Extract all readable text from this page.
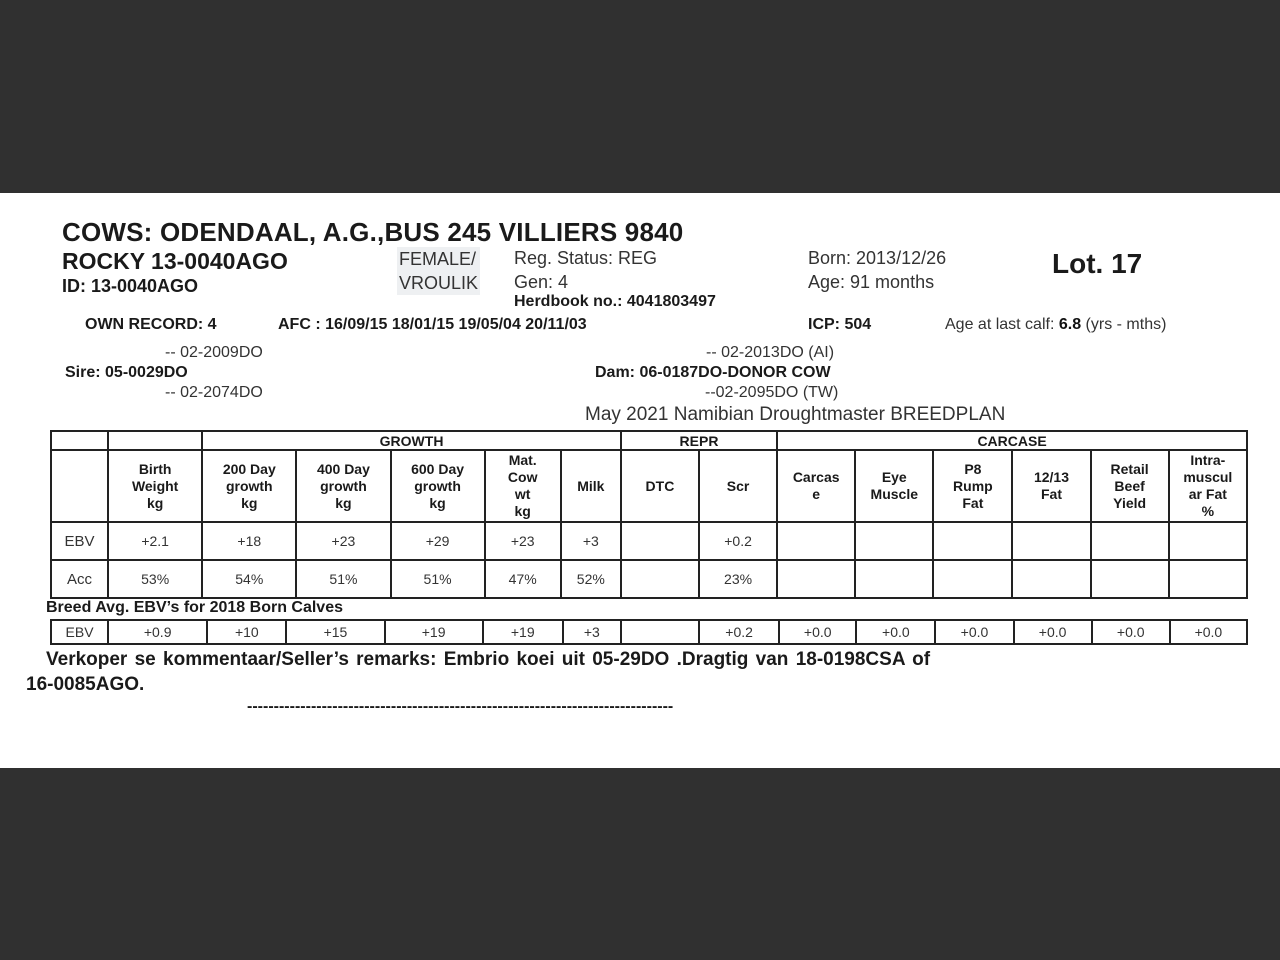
COWS: ODENDAAL, A.G.,BUS 245 VILLIERS 9840
ROCKY 13-0040AGO
ID: 13-0040AGO
FEMALE/
VROULIK
Reg. Status: REG
Gen: 4
Herdbook no.: 4041803497
Born: 2013/12/26
Age: 91 months
Lot. 17
OWN RECORD: 4	AFC : 16/09/15 18/01/15 19/05/04 20/11/03	ICP: 504	Age at last calf: 6.8 (yrs - mths)
-- 02-2009DO
Sire: 05-0029DO
-- 02-2074DO
-- 02-2013DO (AI)
Dam: 06-0187DO-DONOR COW
--02-2095DO (TW)
May 2021 Namibian Droughtmaster BREEDPLAN
		GROWTH					REPR		CARCASE					
	Birth
Weight
kg	200 Day
growth
kg	400 Day
growth
kg	600 Day
growth
kg	Mat.
Cow
wt
kg	Milk	DTC	Scr	Carcas
e	Eye
Muscle	P8
Rump
Fat	12/13
Fat	Retail
Beef
Yield	Intra-
muscul
ar Fat
%
EBV	+2.1	+18	+23	+29	+23	+3		+0.2						
Acc	53%	54%	51%	51%	47%	52%		23%						
Breed Avg. EBV’s for 2018 Born Calves
EBV	+0.9	+10	+15	+19	+19	+3		+0.2	+0.0	+0.0	+0.0	+0.0	+0.0	+0.0
Verkoper se kommentaar/Seller’s remarks: Embrio koei uit 05-29DO .Dragtig van 18-0198CSA of
16-0085AGO.
--------------------------------------------------------------------------------
